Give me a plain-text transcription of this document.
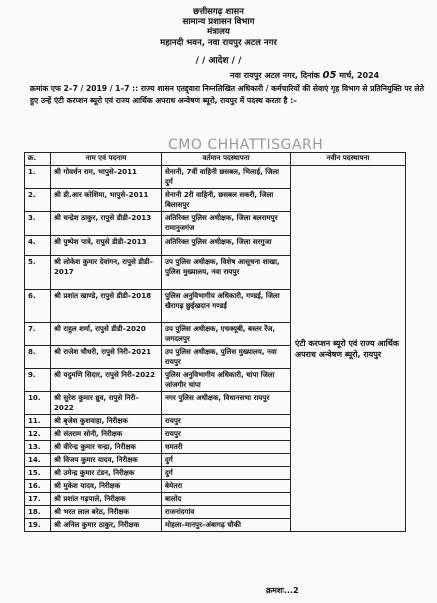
छत्तीसगढ़ शासन
सामान्य प्रशासन विभाग
मंत्रालय
महानदी भवन, नवा रायपुर अटल नगर
/ / आदेश / /
नवा रायपुर अटल नगर, दिनांक 05 मार्च, 2024
क्रमांक एफ 2–7 / 2019 / 1–7 :: राज्य शासन एतद्द्वारा निम्नलिखित अधिकारी / कर्मचारियों की सेवाएं गृह विभाग से प्रतिनियुक्ति पर लेते हुए उन्हें एंटी करप्शन ब्यूरो एवं राज्य आर्थिक अपराध अन्वेषण ब्यूरो, रायपुर में पदस्थ करता है :–
CMO CHHATTISGARH
क्र.	नाम एवं पदनाम	वर्तमान पदस्थापना	नवीन पदस्थापना
1.	श्री गोवर्धन राम, भापुसे–2011	सेनानी, 7वीं वाहिनी छसबल, भिलाई, जिला दुर्ग	एंटी करप्शन ब्यूरो एवं राज्य आर्थिक अपराध अन्वेषण ब्यूरो, रायपुर
2.	श्री डी.आर कोशिमा, भापुसे–2011	सेनानी 2री वाहिनी, छसबल सकरी, जिला बिलासपुर	
3.	श्री चन्द्रेश ठाकुर, रापुसे डीडी–2013	अतिरिक्त पुलिस अधीक्षक, जिला बलरामपुर रामानुजगंज	
4.	श्री पुष्पेश पात्रे, रापुसे डीडी–2013	अतिरिक्त पुलिस अधीक्षक, जिला सरगुजा	
5.	श्री लोकेश कुमार देवांगन, रापुसे डीडी–2017	उप पुलिस अधीक्षक, विशेष आसूचना शाखा, पुलिस मुख्यालय, नवा रायपुर	
6.	श्री प्रशांत खाण्डे, रापुसे डीडी–2018	पुलिस अनुविभागीय अधिकारी, गण्डई, जिला खैरागढ़ छुईखदान गण्डई	
7.	श्री राहुल शर्मा, रापुसे डीडी–2020	उप पुलिस अधीक्षक, एचक्यूबी, बस्तर रेंज, जगदलपुर	
8.	श्री राजेश चौधरी, रापुसे निरी–2021	उप पुलिस अधीक्षक, पुलिस मुख्यालय, नवा रायपुर	
9.	श्री यदुमणि सिदार, रापुसे निरी–2022	पुलिस अनुविभागीय अधिकारी, चांपा जिला जांजगीर चांपा	
10.	श्री सुरेश कुमार ध्रुव, रापुसे निरी–2022	नगर पुलिस अधीक्षक, विधानसभा रायपुर	
11.	श्री बृजेश कुशवाहा, निरीक्षक	रायपुर	
12.	श्री संतराम सोनी, निरीक्षक	रायपुर	
13.	श्री वीरेन्द्र कुमार चन्द्रा, निरीक्षक	धमतरी	
14.	श्री विजय कुमार यादव, निरीक्षक	दुर्ग	
15.	श्री उमेन्द्र कुमार टंडन, निरीक्षक	दुर्ग	
16.	श्री मुकेश यादव, निरीक्षक	बेमेतरा	
17.	श्री प्रशांत गढ़पाले, निरीक्षक	बालोद	
18.	श्री भरत लाल बरेठ, निरीक्षक	राजनांदगांव	
19.	श्री अनिल कुमार ठाकुर, निरीक्षक	मोहला–मानपुर–अंबागढ़ चौकी	
क्रमशः...2
